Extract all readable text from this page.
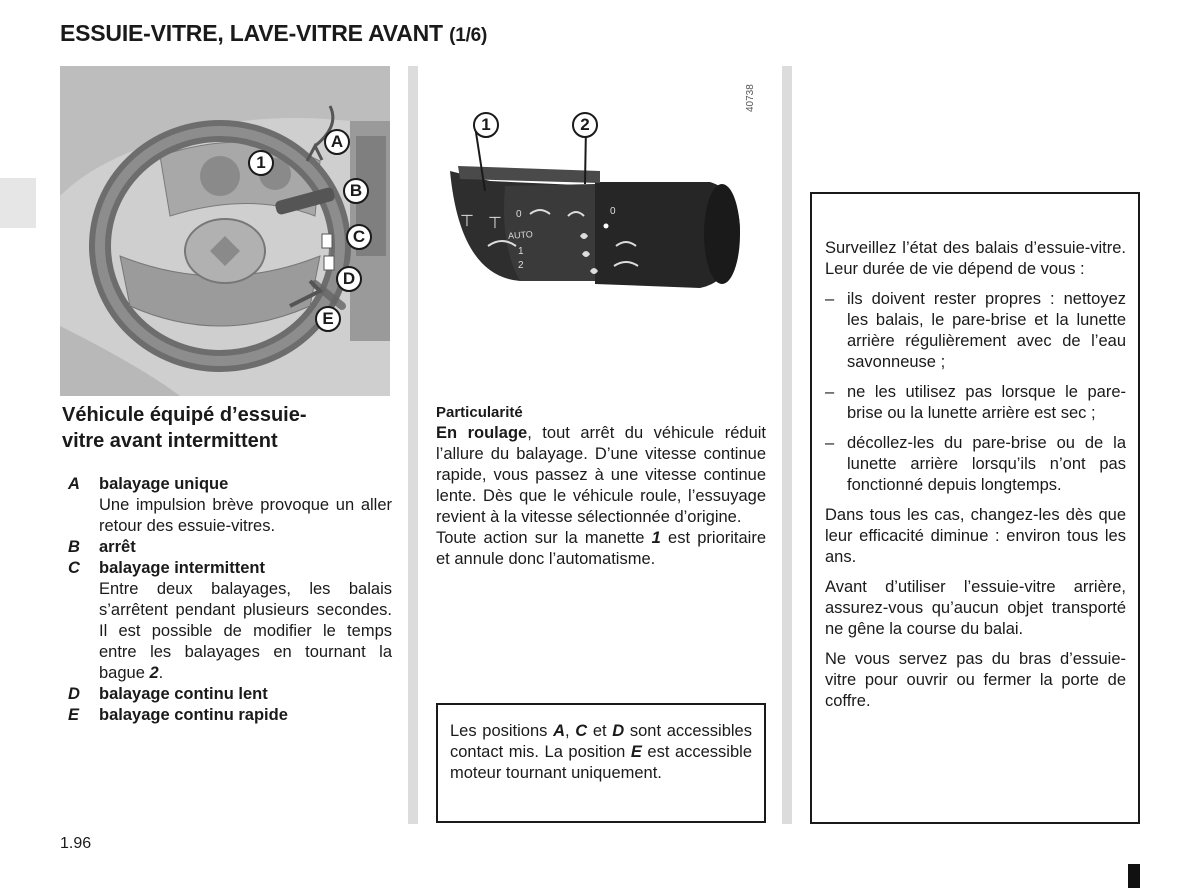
ESSUIE-VITRE, LAVE-VITRE AVANT (1/6)
1
A
B
C
D
E
⊤ ⊤
AUTO
0	0
1
2
1	2
40738
Véhicule équipé d’essuie-
vitre avant intermittent
A	balayage unique
Une impulsion brève provoque un aller retour des essuie-vitres.
B	arrêt
C	balayage intermittent
Entre deux balayages, les balais s’arrêtent pendant plusieurs secondes. Il est possible de modifier le temps entre les balayages en tournant la bague 2.
D	balayage continu lent
E	balayage continu rapide
Particularité
En roulage, tout arrêt du véhicule réduit l’allure du balayage. D’une vitesse continue rapide, vous passez à une vitesse continue lente. Dès que le véhicule roule, l’essuyage revient à la vitesse sélectionnée d’origine.
Toute action sur la manette 1 est prioritaire et annule donc l’automatisme.
Les positions A, C et D sont accessibles contact mis. La position E est accessible moteur tournant uniquement.

Surveillez l’état des balais d’essuie-vitre. Leur durée de vie dépend de vous :

– ils doivent rester propres : nettoyez les balais, le pare-brise et la lunette arrière régulièrement avec de l’eau savonneuse ;
– ne les utilisez pas lorsque le pare-brise ou la lunette arrière est sec ;
– décollez-les du pare-brise ou de la lunette arrière lorsqu’ils n’ont pas fonctionné depuis longtemps.

Dans tous les cas, changez-les dès que leur efficacité diminue : environ tous les ans.

Avant d’utiliser l’essuie-vitre arrière, assurez-vous qu’aucun objet transporté ne gêne la course du balai.

Ne vous servez pas du bras d’essuie-vitre pour ouvrir ou fermer la porte de coffre.

1.96
